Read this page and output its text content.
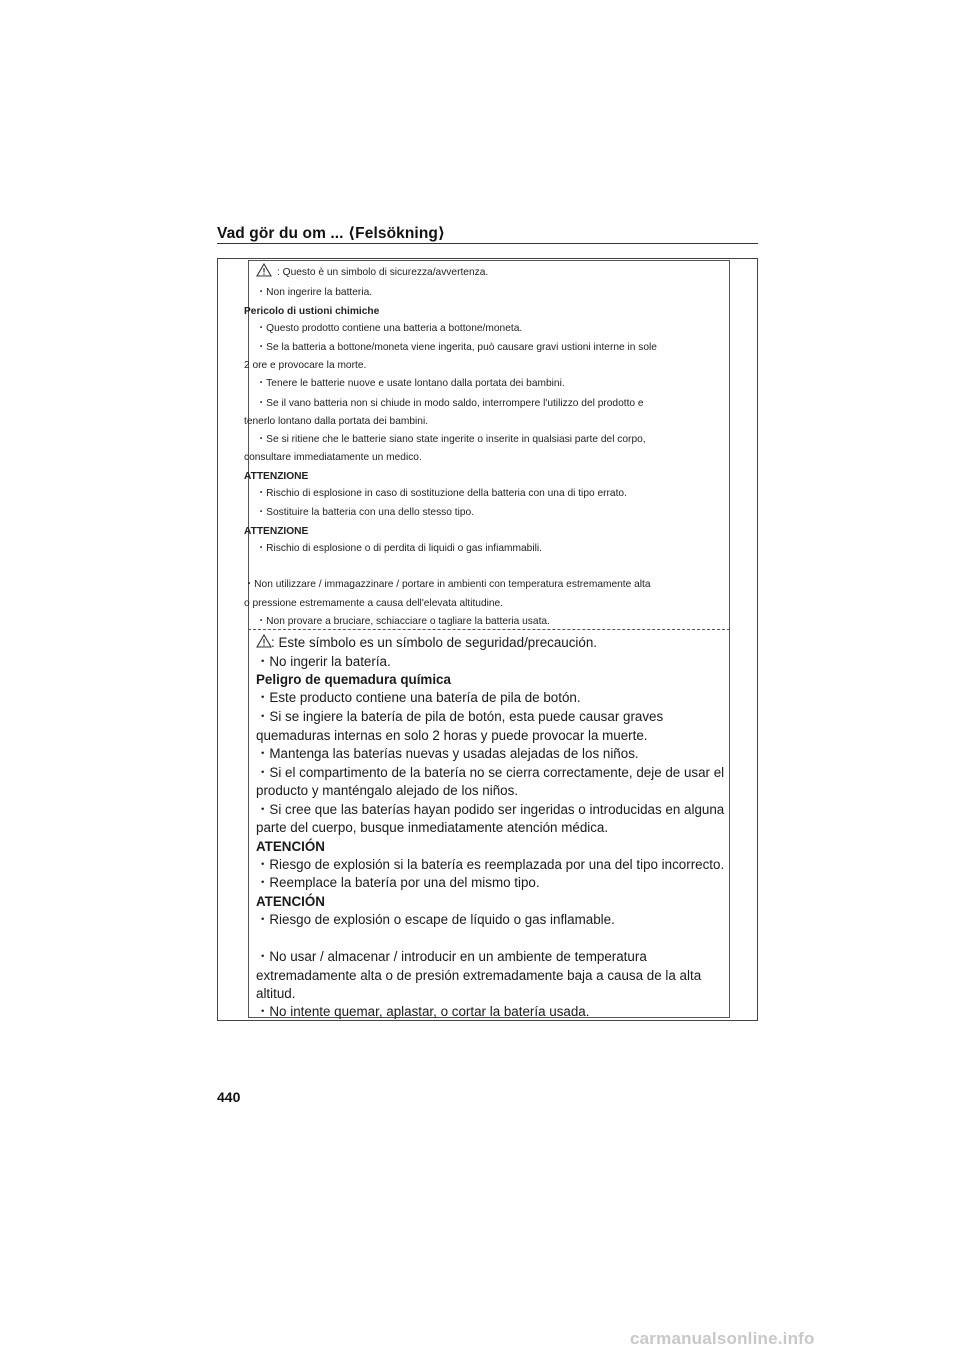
Vad gör du om ... ⟨Felsökning⟩

: Questo è un simbolo di sicurezza/avvertenza.

・Non ingerire la batteria.

Pericolo di ustioni chimiche

・Questo prodotto contiene una batteria a bottone/moneta.

・Se la batteria a bottone/moneta viene ingerita, può causare gravi ustioni interne in sole

2 ore e provocare la morte.

・Tenere le batterie nuove e usate lontano dalla portata dei bambini.

・Se il vano batteria non si chiude in modo saldo, interrompere l'utilizzo del prodotto e

tenerlo lontano dalla portata dei bambini.

・Se si ritiene che le batterie siano state ingerite o inserite in qualsiasi parte del corpo,

consultare immediatamente un medico.

ATTENZIONE

・Rischio di esplosione in caso di sostituzione della batteria con una di tipo errato.

・Sostituire la batteria con una dello stesso tipo.

ATTENZIONE

・Rischio di esplosione o di perdita di liquidi o gas infiammabili.

・Non utilizzare / immagazzinare / portare in ambienti con temperatura estremamente alta

o pressione estremamente a causa dell'elevata altitudine.

・Non provare a bruciare, schiacciare o tagliare la batteria usata.

: Este símbolo es un símbolo de seguridad/precaución.

・No ingerir la batería.

Peligro de quemadura química

・Este producto contiene una batería de pila de botón.

・Si se ingiere la batería de pila de botón, esta puede causar graves

quemaduras internas en solo 2 horas y puede provocar la muerte.

・Mantenga las baterías nuevas y usadas alejadas de los niños.

・Si el compartimento de la batería no se cierra correctamente, deje de usar el

producto y manténgalo alejado de los niños.

・Si cree que las baterías hayan podido ser ingeridas o introducidas en alguna

parte del cuerpo, busque inmediatamente atención médica.

ATENCIÓN

・Riesgo de explosión si la batería es reemplazada por una del tipo incorrecto.

・Reemplace la batería por una del mismo tipo.

ATENCIÓN

・Riesgo de explosión o escape de líquido o gas inflamable.

・No usar / almacenar / introducir en un ambiente de temperatura

extremadamente alta o de presión extremadamente baja a causa de la alta

altitud.

・No intente quemar, aplastar, o cortar la batería usada.

440
carmanualsonline.info
